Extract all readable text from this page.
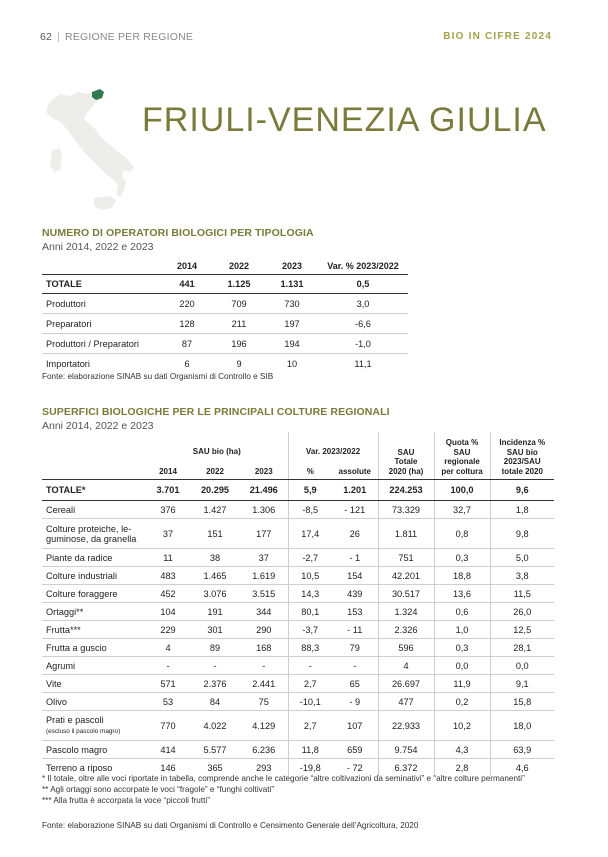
62 | REGIONE PER REGIONE	BIO IN CIFRE 2024
FRIULI-VENEZIA GIULIA
NUMERO DI OPERATORI BIOLOGICI PER TIPOLOGIA
Anni 2014, 2022 e 2023
	2014	2022	2023	Var. % 2023/2022
TOTALE	441	1.125	1.131	0,5
Produttori	220	709	730	3,0
Preparatori	128	211	197	-6,6
Produttori / Preparatori	87	196	194	-1,0
Importatori	6	9	10	11,1
Fonte: elaborazione SINAB su dati Organismi di Controllo e SIB
SUPERFICI BIOLOGICHE PER LE PRINCIPALI COLTURE REGIONALI
Anni 2014, 2022 e 2023
	SAU bio (ha)			Var. 2023/2022		SAU Totale 2020 (ha)	Quota % SAU regionale per coltura	Incidenza % SAU bio 2023/SAU totale 2020
	2014	2022	2023	%	assolute			
TOTALE*	3.701	20.295	21.496	5,9	1.201	224.253	100,0	9,6
Cereali	376	1.427	1.306	-8,5	- 121	73.329	32,7	1,8
Colture proteiche, le-
guminose, da granella	37	151	177	17,4	26	1.811	0,8	9,8
Piante da radice	11	38	37	-2,7	- 1	751	0,3	5,0
Colture industriali	483	1.465	1.619	10,5	154	42.201	18,8	3,8
Colture foraggere	452	3.076	3.515	14,3	439	30.517	13,6	11,5
Ortaggi**	104	191	344	80,1	153	1.324	0,6	26,0
Frutta***	229	301	290	-3,7	- 11	2.326	1,0	12,5
Frutta a guscio	4	89	168	88,3	79	596	0,3	28,1
Agrumi	-	-	-	-	-	4	0,0	0,0
Vite	571	2.376	2.441	2,7	65	26.697	11,9	9,1
Olivo	53	84	75	-10,1	- 9	477	0,2	15,8
Prati e pascoli
(escluso il pascolo magro)	770	4.022	4.129	2,7	107	22.933	10,2	18,0
Pascolo magro	414	5.577	6.236	11,8	659	9.754	4,3	63,9
Terreno a riposo	146	365	293	-19,8	- 72	6.372	2,8	4,6
* Il totale, oltre alle voci riportate in tabella, comprende anche le categorie “altre coltivazioni da seminativi” e “altre colture permanenti”
** Agli ortaggi sono accorpate le voci “fragole” e “funghi coltivati”
*** Alla frutta è accorpata la voce “piccoli frutti”
Fonte: elaborazione SINAB su dati Organismi di Controllo e Censimento Generale dell’Agricoltura, 2020
